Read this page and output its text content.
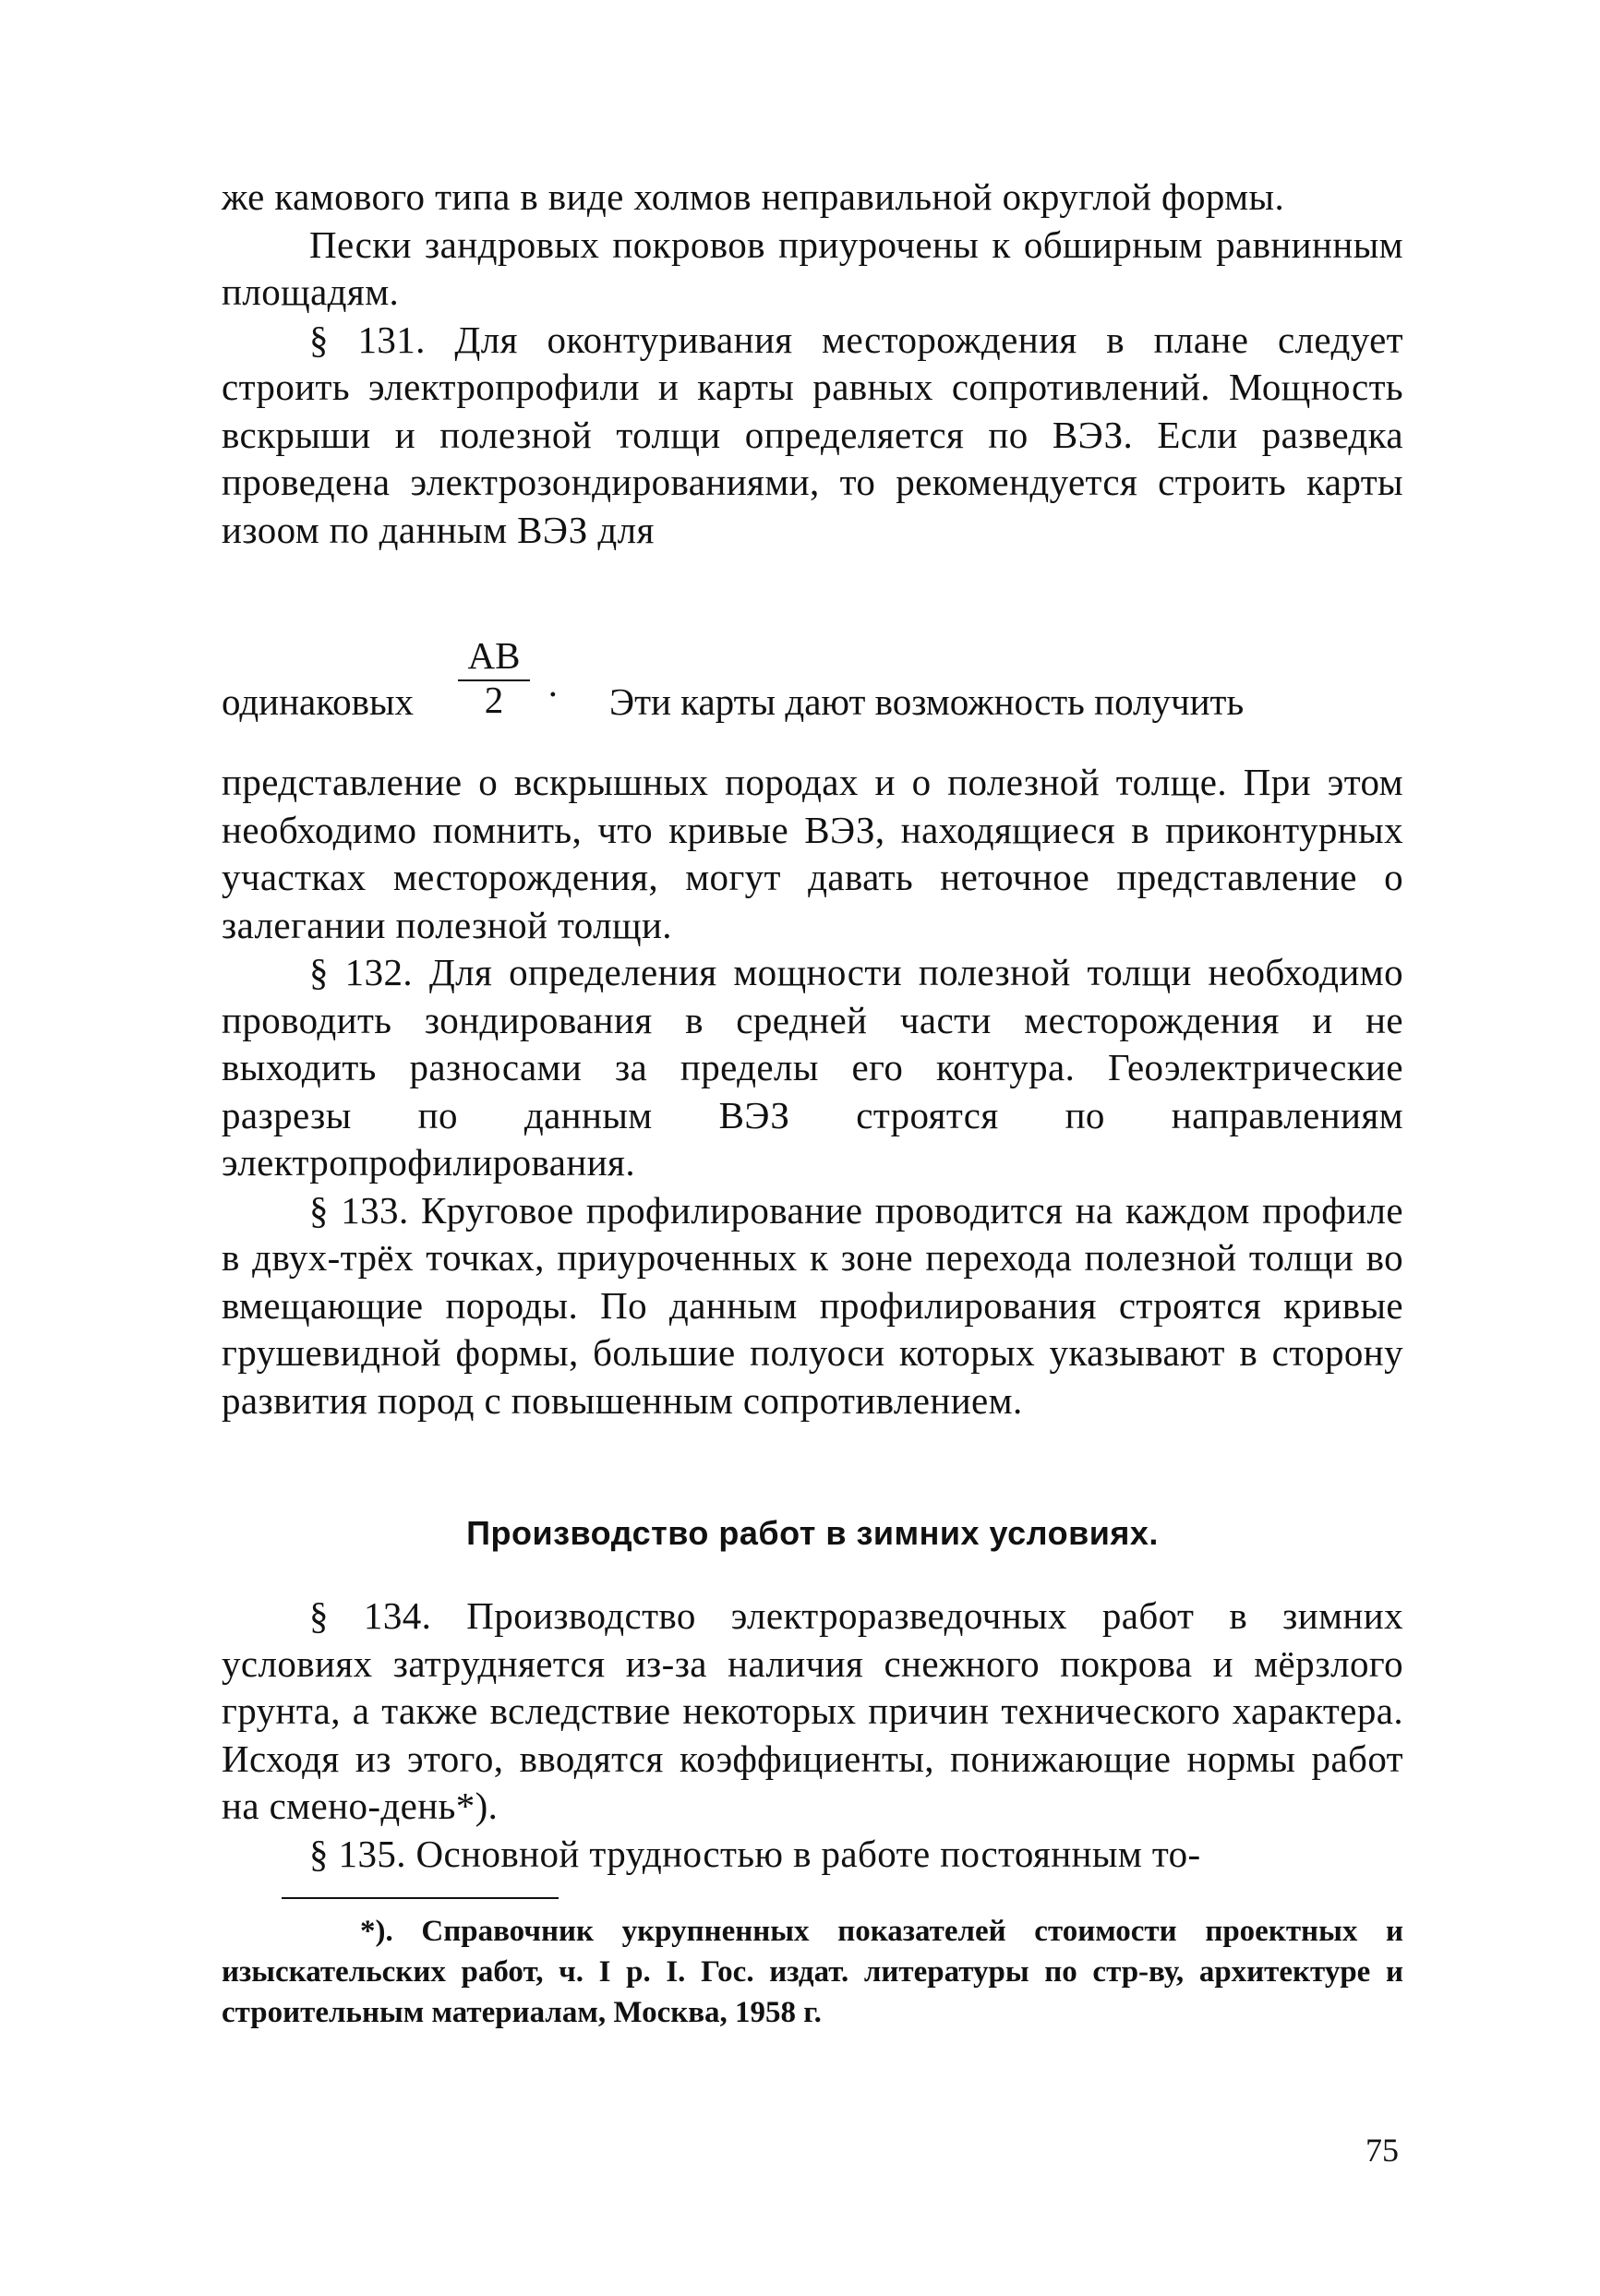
же камового типа в виде холмов неправильной округлой формы.

Пески зандровых покровов приурочены к обширным равнинным площадям.

§ 131. Для оконтуривания месторождения в плане следует строить электропрофили и карты равных сопротивлений. Мощность вскрыши и полезной толщи определяется по ВЭЗ. Если разведка проведена электрозондированиями, то рекомендуется строить карты изоом по данным ВЭЗ для

одинаковых
AB
2	· Эти карты дают возможность получить

представление о вскрышных породах и о полезной толще. При этом необходимо помнить, что кривые ВЭЗ, находящиеся в приконтурных участках месторождения, могут давать неточное представление о залегании полезной толщи.

§ 132. Для определения мощности полезной толщи необходимо проводить зондирования в средней части месторождения и не выходить разносами за пределы его контура. Геоэлектрические разрезы по данным ВЭЗ строятся по направлениям электропрофилирования.

§ 133. Круговое профилирование проводится на каждом профиле в двух-трёх точках, приуроченных к зоне перехода полезной толщи во вмещающие породы. По данным профилирования строятся кривые грушевидной формы, большие полуоси которых указывают в сторону развития пород с повышенным сопротивлением.

Производство работ в зимних условиях.

§ 134. Производство электроразведочных работ в зимних условиях затрудняется из-за наличия снежного покрова и мёрзлого грунта, а также вследствие некоторых причин технического характера. Исходя из этого, вводятся коэффициенты, понижающие нормы работ на смено-день*).

§ 135. Основной трудностью в работе постоянным то-

*). Справочник укрупненных показателей стоимости проектных и изыскательских работ, ч. I р. I. Гос. издат. литературы по стр-ву, архитектуре и строительным материалам, Москва, 1958 г.
75
